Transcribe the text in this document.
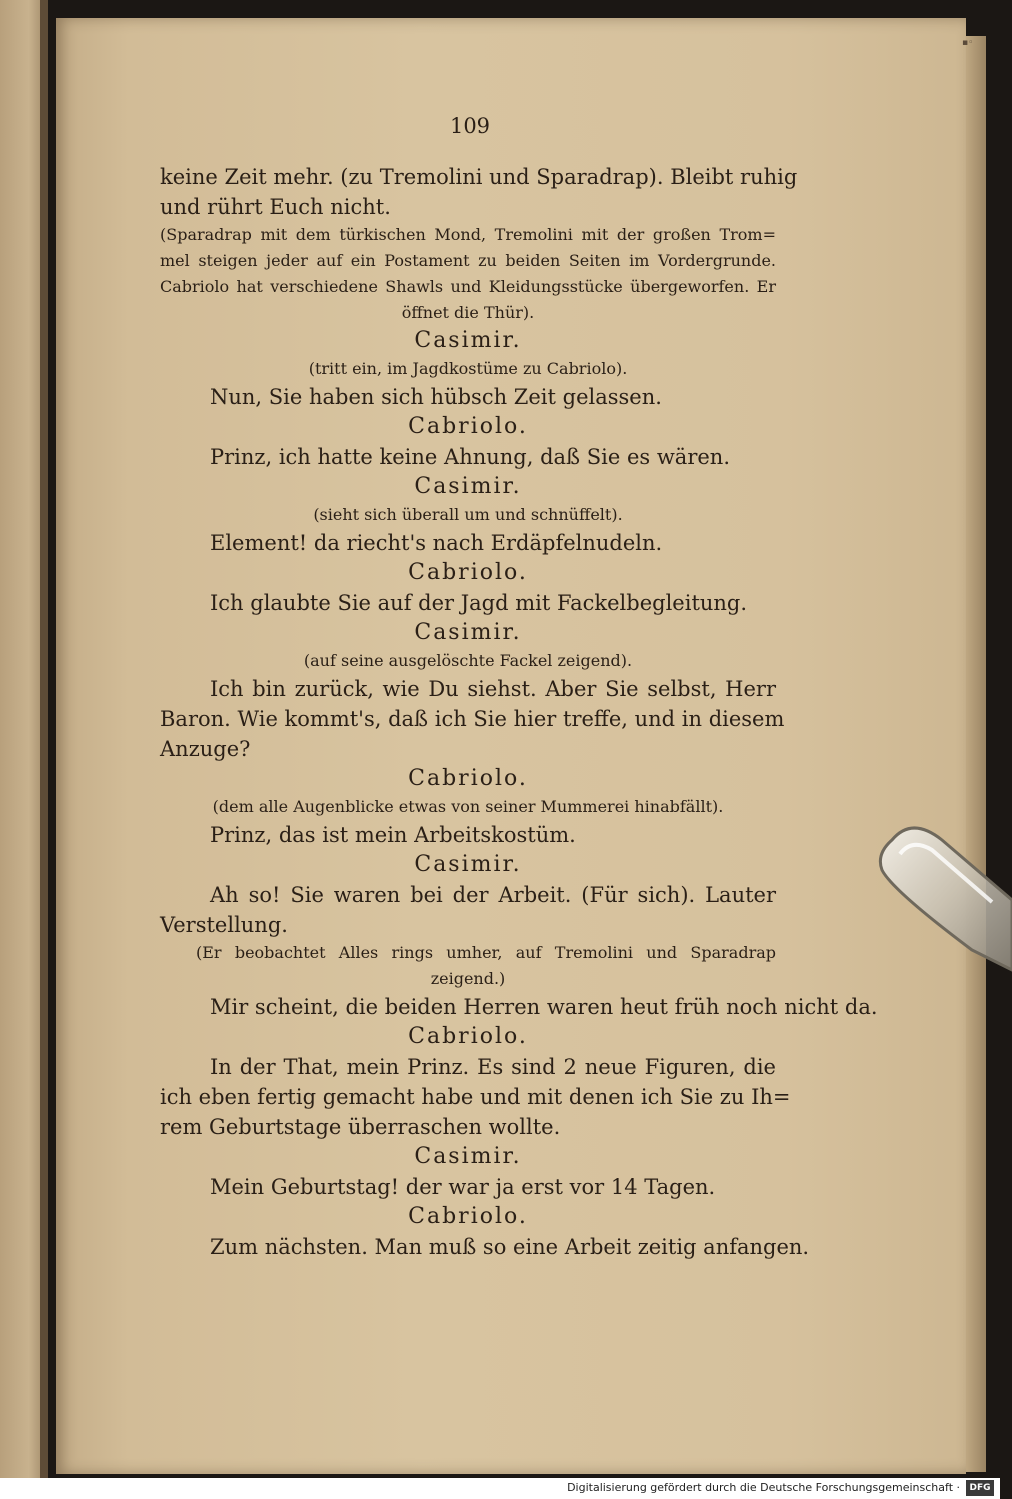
▪◦
109
keine Zeit mehr. (zu Tremolini und Sparadrap). Bleibt ruhig
und rührt Euch nicht.
(Sparadrap mit dem türkischen Mond, Tremolini mit der großen Trom=
mel steigen jeder auf ein Postament zu beiden Seiten im Vordergrunde.
Cabriolo hat verschiedene Shawls und Kleidungsstücke übergeworfen. Er
öffnet die Thür).
Casimir.
(tritt ein, im Jagdkostüme zu Cabriolo).
Nun, Sie haben sich hübsch Zeit gelassen.
Cabriolo.
Prinz, ich hatte keine Ahnung, daß Sie es wären.
Casimir.
(sieht sich überall um und schnüffelt).
Element! da riecht's nach Erdäpfelnudeln.
Cabriolo.
Ich glaubte Sie auf der Jagd mit Fackelbegleitung.
Casimir.
(auf seine ausgelöschte Fackel zeigend).
Ich bin zurück, wie Du siehst. Aber Sie selbst, Herr
Baron. Wie kommt's, daß ich Sie hier treffe, und in diesem
Anzuge?
Cabriolo.
(dem alle Augenblicke etwas von seiner Mummerei hinabfällt).
Prinz, das ist mein Arbeitskostüm.
Casimir.
Ah so! Sie waren bei der Arbeit. (Für sich). Lauter
Verstellung.
(Er beobachtet Alles rings umher, auf Tremolini und Sparadrap
zeigend.)
Mir scheint, die beiden Herren waren heut früh noch nicht da.
Cabriolo.
In der That, mein Prinz. Es sind 2 neue Figuren, die
ich eben fertig gemacht habe und mit denen ich Sie zu Ih=
rem Geburtstage überraschen wollte.
Casimir.
Mein Geburtstag! der war ja erst vor 14 Tagen.
Cabriolo.
Zum nächsten. Man muß so eine Arbeit zeitig anfangen.
Digitalisierung gefördert durch die Deutsche Forschungsgemeinschaft ·	DFG
